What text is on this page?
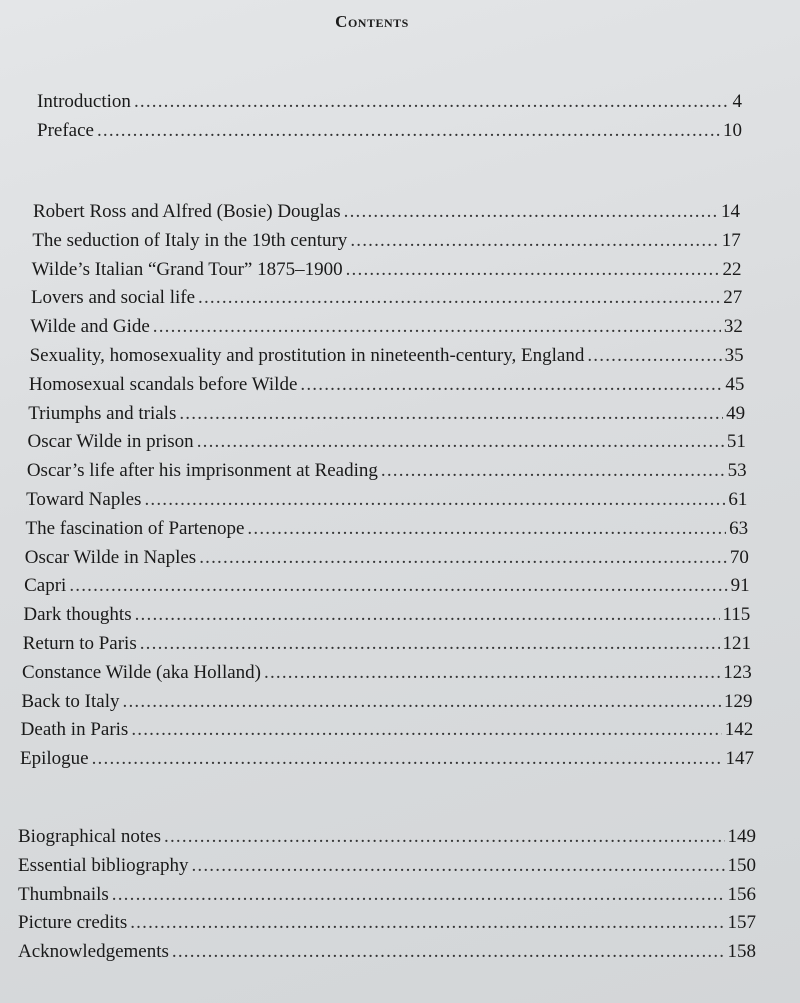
Contents
Introduction .....	4
Preface .....	10
Robert Ross and Alfred (Bosie) Douglas .....	14
The seduction of Italy in the 19th century .....	17
Wilde’s Italian “Grand Tour” 1875–1900 .....	22
Lovers and social life .....	27
Wilde and Gide .....	32
Sexuality, homosexuality and prostitution in nineteenth-century, England .....	35
Homosexual scandals before Wilde .....	45
Triumphs and trials .....	49
Oscar Wilde in prison .....	51
Oscar’s life after his imprisonment at Reading .....	53
Toward Naples .....	61
The fascination of Partenope .....	63
Oscar Wilde in Naples .....	70
Capri .....	91
Dark thoughts .....	115
Return to Paris .....	121
Constance Wilde (aka Holland) .....	123
Back to Italy .....	129
Death in Paris .....	142
Epilogue .....	147
Biographical notes .....	149
Essential bibliography .....	150
Thumbnails .....	156
Picture credits .....	157
Acknowledgements .....	158
